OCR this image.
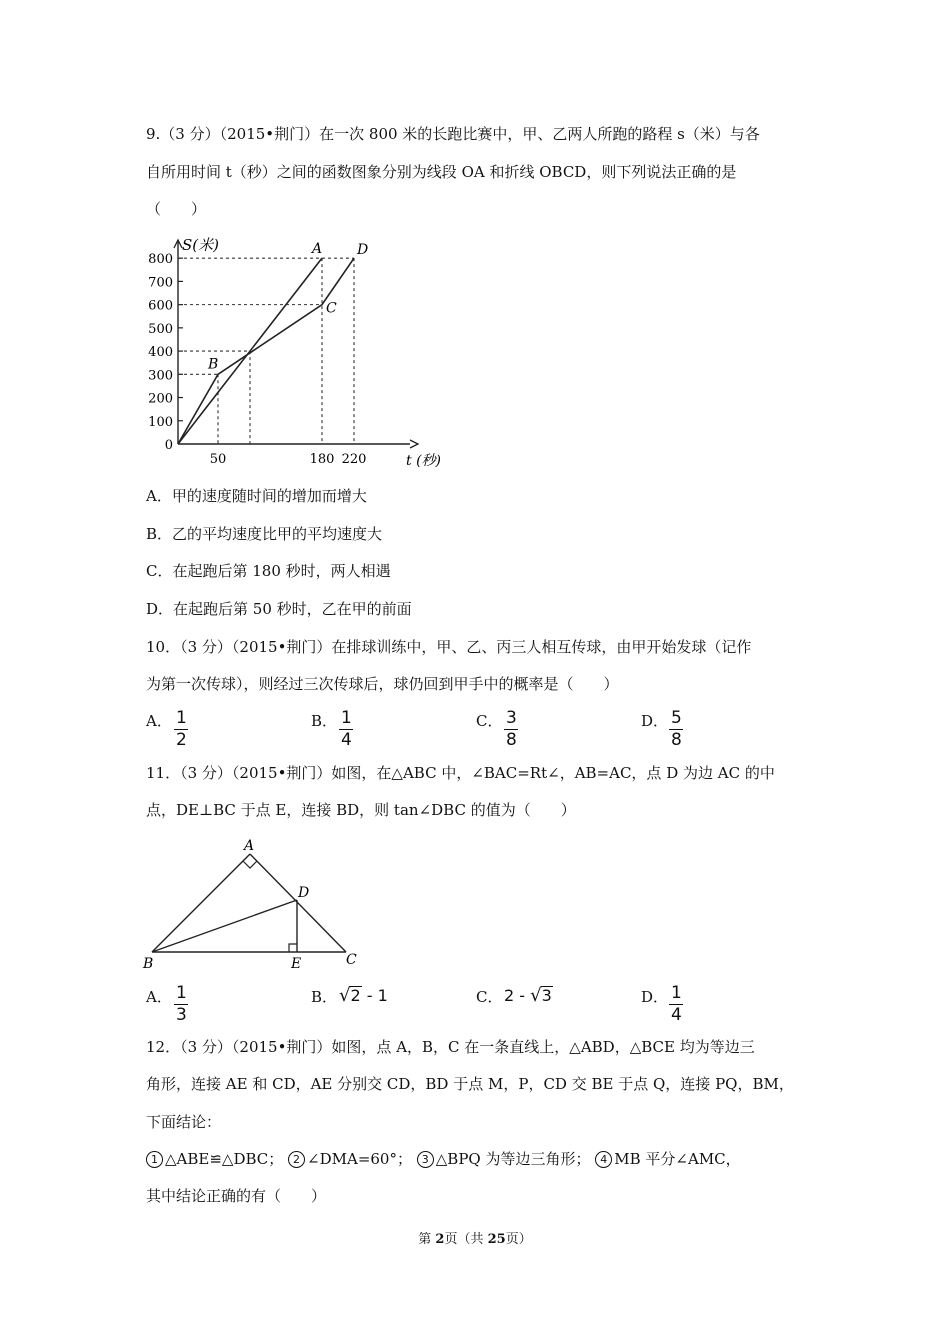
9.（3 分）（2015•荆门）在一次 800 米的长跑比赛中，甲、乙两人所跑的路程 s（米）与各
自所用时间 t（秒）之间的函数图象分别为线段 OA 和折线 OBCD，则下列说法正确的是
（　　）
800
700
600
500
400
300
200
100
0
50	180 220
A
B
C
D
S(米)
t (秒)
A．甲的速度随时间的增加而增大
B．乙的平均速度比甲的平均速度大
C．在起跑后第 180 秒时，两人相遇
D．在起跑后第 50 秒时，乙在甲的前面
10．（3 分）（2015•荆门）在排球训练中，甲、乙、丙三人相互传球，由甲开始发球（记作
为第一次传球），则经过三次传球后，球仍回到甲手中的概率是（　　）
A． 1
2
B． 1
4
C． 3
8
D． 5
8
11．（3 分）（2015•荆门）如图，在△ABC 中，∠BAC=Rt∠，AB=AC，点 D 为边 AC 的中
点，DE⊥BC 于点 E，连接 BD，则 tan∠DBC 的值为（　　）
A
D
B	E	C
A． 1
3
B． √2 - 1	C． 2 - √3	D． 1
4
12．（3 分）（2015•荆门）如图，点 A，B，C 在一条直线上，△ABD，△BCE 均为等边三
角形，连接 AE 和 CD，AE 分别交 CD，BD 于点 M，P，CD 交 BE 于点 Q，连接 PQ，BM，
下面结论：
1 △ABE≌△DBC； 2 ∠DMA=60°； 3 △BPQ 为等边三角形； 4 MB 平分∠AMC，
其中结论正确的有（　　）
第 2页（共 25页）
